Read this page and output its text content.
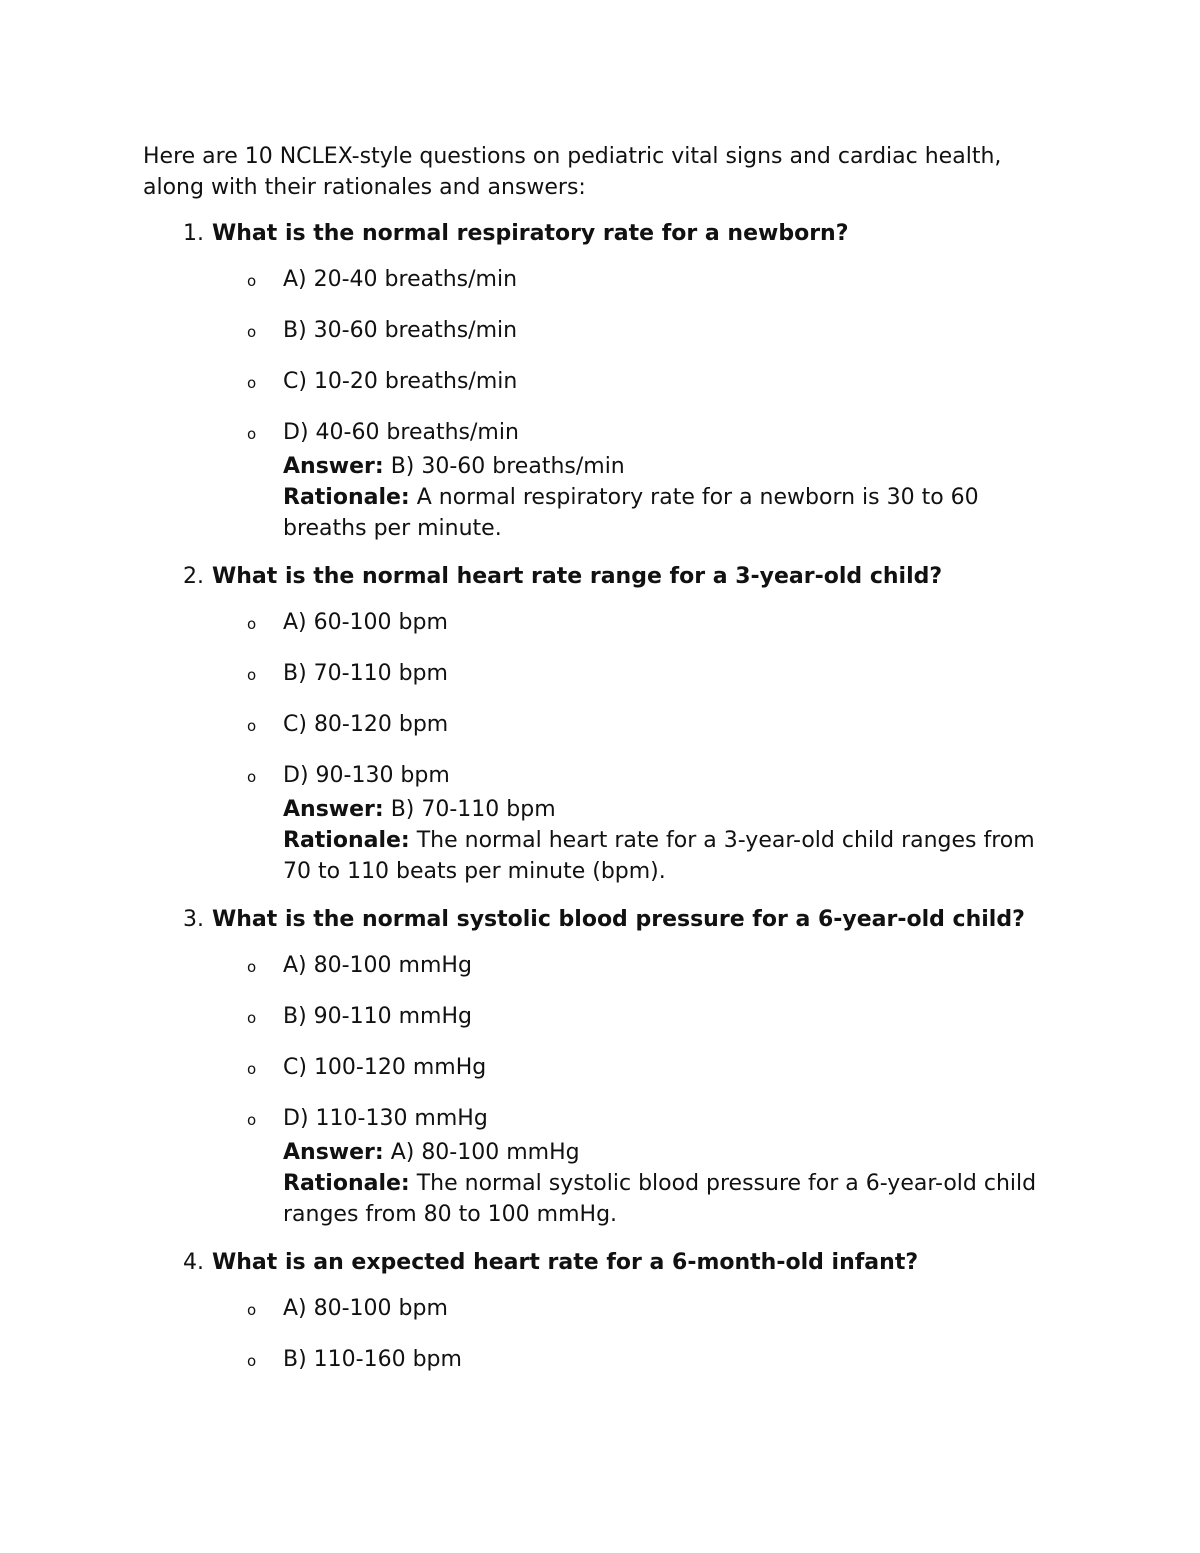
Here are 10 NCLEX-style questions on pediatric vital signs and cardiac health, along with their rationales and answers:

1. What is the normal respiratory rate for a newborn?
o	A) 20-40 breaths/min
o	B) 30-60 breaths/min
o	C) 10-20 breaths/min
o	D) 40-60 breaths/min
Answer: B) 30-60 breaths/min
Rationale: A normal respiratory rate for a newborn is 30 to 60 breaths per minute.
2. What is the normal heart rate range for a 3-year-old child?
o	A) 60-100 bpm
o	B) 70-110 bpm
o	C) 80-120 bpm
o	D) 90-130 bpm
Answer: B) 70-110 bpm
Rationale: The normal heart rate for a 3-year-old child ranges from 70 to 110 beats per minute (bpm).
3. What is the normal systolic blood pressure for a 6-year-old child?
o	A) 80-100 mmHg
o	B) 90-110 mmHg
o	C) 100-120 mmHg
o	D) 110-130 mmHg
Answer: A) 80-100 mmHg
Rationale: The normal systolic blood pressure for a 6-year-old child ranges from 80 to 100 mmHg.
4. What is an expected heart rate for a 6-month-old infant?
o	A) 80-100 bpm
o	B) 110-160 bpm
